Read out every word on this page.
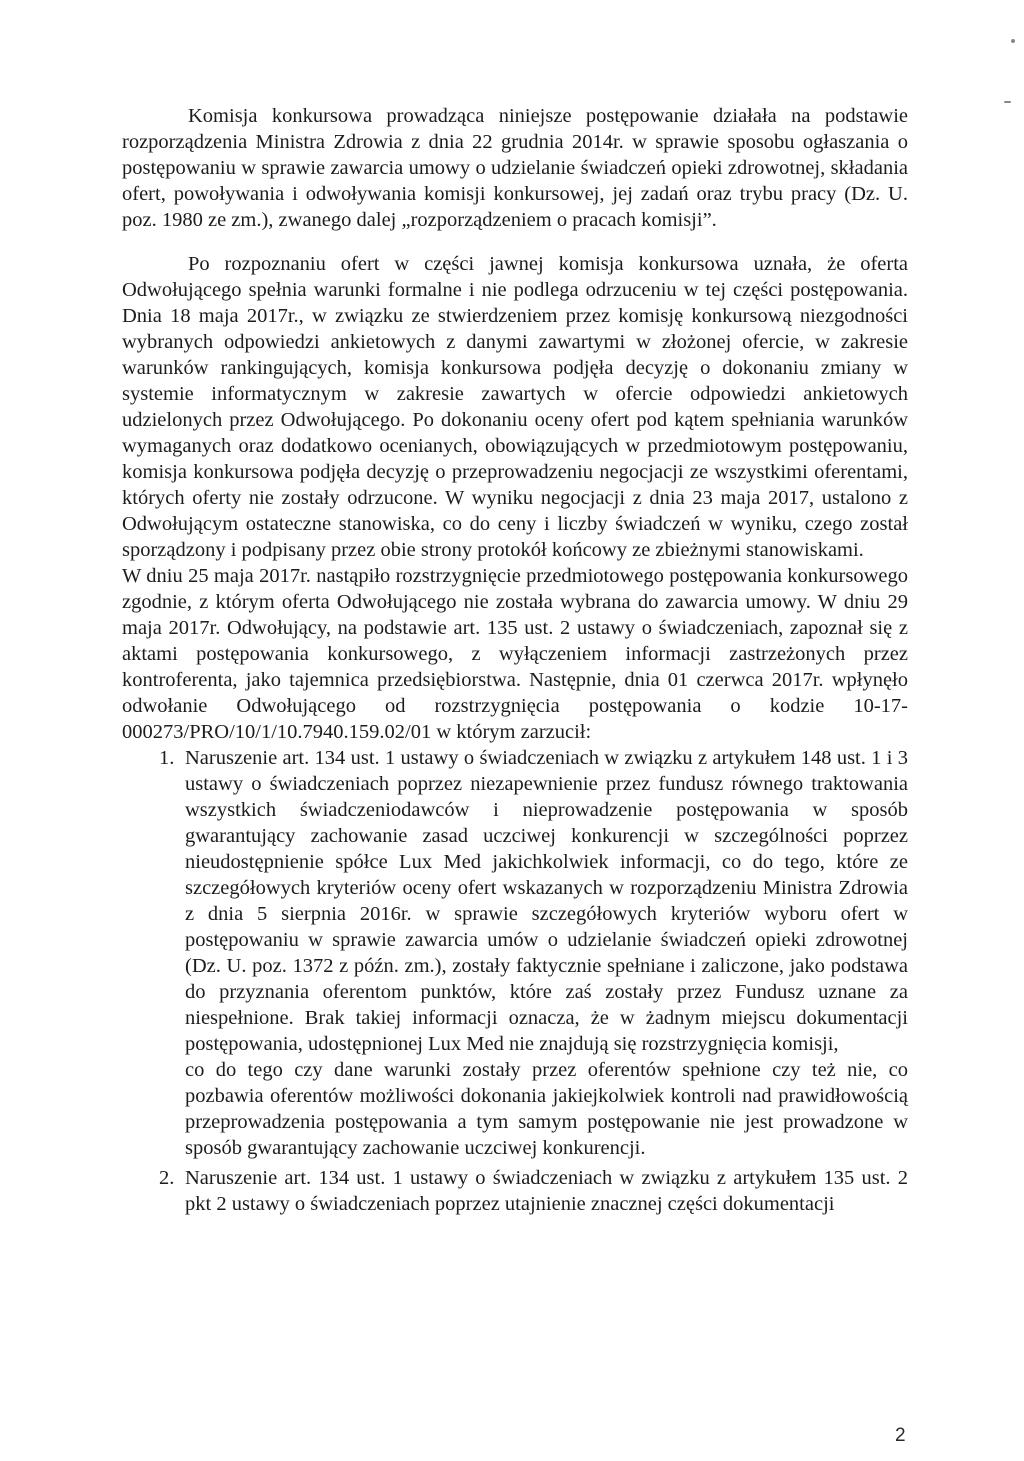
Komisja konkursowa prowadząca niniejsze postępowanie działała na podstawie rozporządzenia Ministra Zdrowia z dnia 22 grudnia 2014r. w sprawie sposobu ogłaszania o postępowaniu w sprawie zawarcia umowy o udzielanie świadczeń opieki zdrowotnej, składania ofert, powoływania i odwoływania komisji konkursowej, jej zadań oraz trybu pracy (Dz. U. poz. 1980 ze zm.), zwanego dalej „rozporządzeniem o pracach komisji”.

Po rozpoznaniu ofert w części jawnej komisja konkursowa uznała, że oferta Odwołującego spełnia warunki formalne i nie podlega odrzuceniu w tej części postępowania. Dnia 18 maja 2017r., w związku ze stwierdzeniem przez komisję konkursową niezgodności wybranych odpowiedzi ankietowych z danymi zawartymi w złożonej ofercie, w zakresie warunków rankingujących, komisja konkursowa podjęła decyzję o dokonaniu zmiany w systemie informatycznym w zakresie zawartych w ofercie odpowiedzi ankietowych udzielonych przez Odwołującego. Po dokonaniu oceny ofert pod kątem spełniania warunków wymaganych oraz dodatkowo ocenianych, obowiązujących w przedmiotowym postępowaniu, komisja konkursowa podjęła decyzję o przeprowadzeniu negocjacji ze wszystkimi oferentami, których oferty nie zostały odrzucone. W wyniku negocjacji z dnia 23 maja 2017, ustalono z Odwołującym ostateczne stanowiska, co do ceny i liczby świadczeń w wyniku, czego został sporządzony i podpisany przez obie strony protokół końcowy ze zbieżnymi stanowiskami.

W dniu 25 maja 2017r. nastąpiło rozstrzygnięcie przedmiotowego postępowania konkursowego zgodnie, z którym oferta Odwołującego nie została wybrana do zawarcia umowy. W dniu 29 maja 2017r. Odwołujący, na podstawie art. 135 ust. 2 ustawy o świadczeniach, zapoznał się z aktami postępowania konkursowego, z wyłączeniem informacji zastrzeżonych przez kontroferenta, jako tajemnica przedsiębiorstwa. Następnie, dnia 01 czerwca 2017r. wpłynęło odwołanie Odwołującego od rozstrzygnięcia postępowania o kodzie 10-17-000273/PRO/10/1/10.7940.159.02/01 w którym zarzucił:

1. Naruszenie art. 134 ust. 1 ustawy o świadczeniach w związku z artykułem 148 ust. 1 i 3 ustawy o świadczeniach poprzez niezapewnienie przez fundusz równego traktowania wszystkich świadczeniodawców i nieprowadzenie postępowania w sposób gwarantujący zachowanie zasad uczciwej konkurencji w szczególności poprzez nieudostępnienie spółce Lux Med jakichkolwiek informacji, co do tego, które ze szczegółowych kryteriów oceny ofert wskazanych w rozporządzeniu Ministra Zdrowia z dnia 5 sierpnia 2016r. w sprawie szczegółowych kryteriów wyboru ofert w postępowaniu w sprawie zawarcia umów o udzielanie świadczeń opieki zdrowotnej (Dz. U. poz. 1372 z późn. zm.), zostały faktycznie spełniane i zaliczone, jako podstawa do przyznania oferentom punktów, które zaś zostały przez Fundusz uznane za niespełnione. Brak takiej informacji oznacza, że w żadnym miejscu dokumentacji postępowania, udostępnionej Lux Med nie znajdują się rozstrzygnięcia komisji,

co do tego czy dane warunki zostały przez oferentów spełnione czy też nie, co pozbawia oferentów możliwości dokonania jakiejkolwiek kontroli nad prawidłowością przeprowadzenia postępowania a tym samym postępowanie nie jest prowadzone w sposób gwarantujący zachowanie uczciwej konkurencji.

2. Naruszenie art. 134 ust. 1 ustawy o świadczeniach w związku z artykułem 135 ust. 2 pkt 2 ustawy o świadczeniach poprzez utajnienie znacznej części dokumentacji

2
